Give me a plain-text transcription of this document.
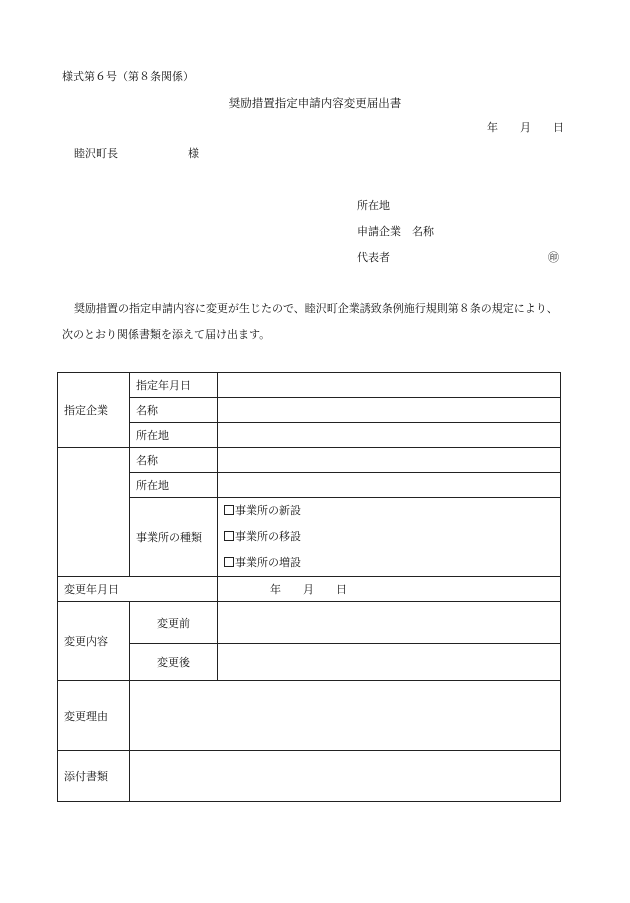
様式第６号（第８条関係）
奨励措置指定申請内容変更届出書
年 月 日
睦沢町長	様
所在地
申請企業　名称
代表者	㊞
奨励措置の指定申請内容に変更が生じたので、睦沢町企業誘致条例施行規則第８条の規定により、
次のとおり関係書類を添えて届け出ます。
指定企業	指定年月日	
	名称	
	所在地	
	名称	
	所在地	
	事業所の種類	事業所の新設
事業所の移設
事業所の増設

変更年月日		年 月 日
変更内容	変更前	
	変更後	
変更理由		
添付書類		
